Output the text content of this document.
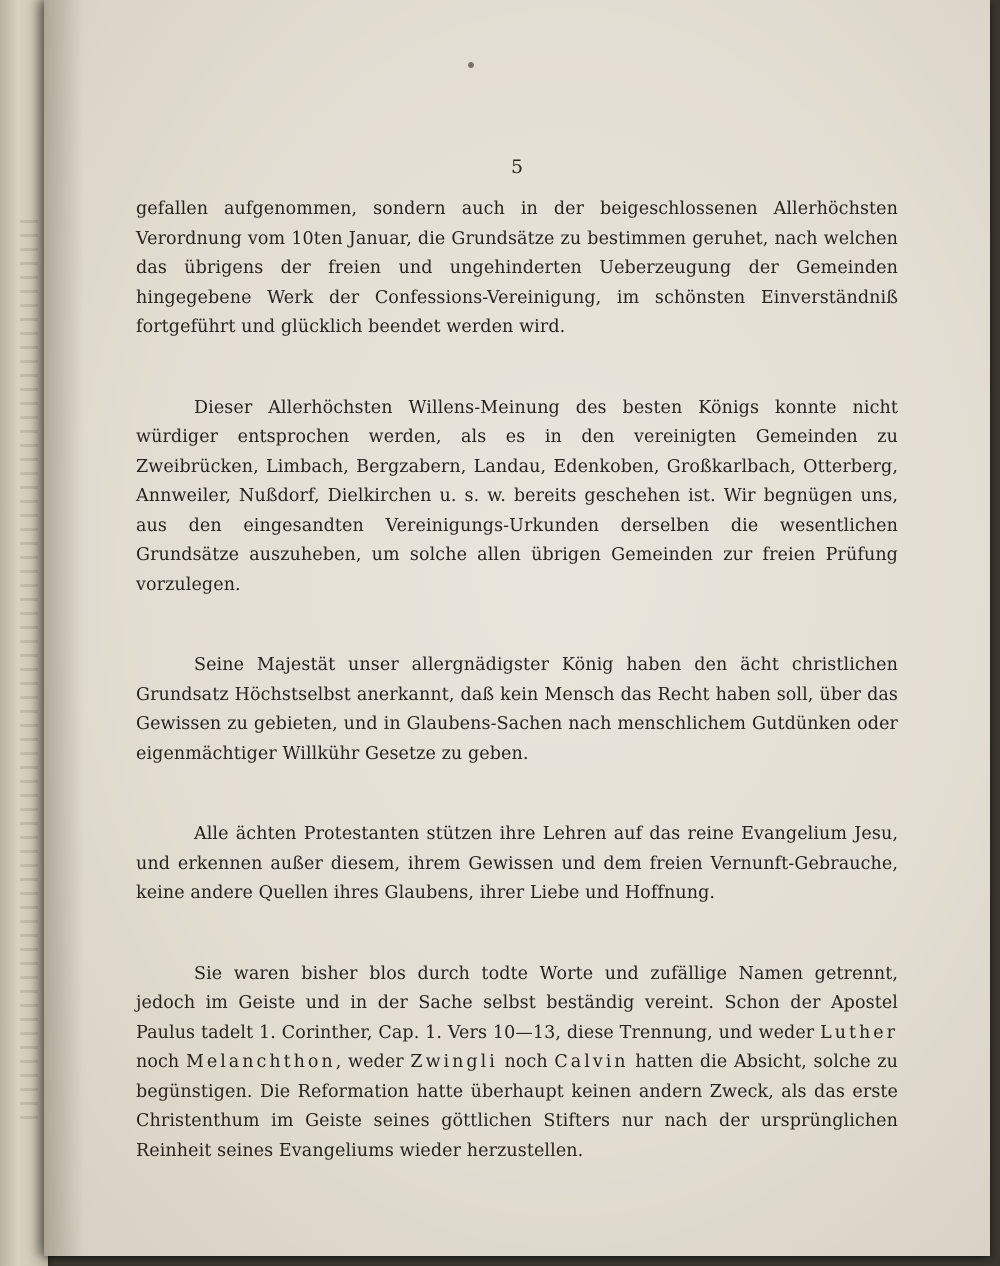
5

gefallen aufgenommen, sondern auch in der beigeschlossenen Allerhöchsten Verordnung vom 10ten Januar, die Grundsätze zu bestimmen geruhet, nach welchen das übrigens der freien und ungehinderten Ueberzeugung der Gemeinden hingegebene Werk der Confessions-Vereinigung, im schönsten Einverständniß fortgeführt und glücklich beendet werden wird.

Dieser Allerhöchsten Willens-Meinung des besten Königs konnte nicht würdiger entsprochen werden, als es in den vereinigten Gemeinden zu Zweibrücken, Limbach, Bergzabern, Landau, Edenkoben, Großkarlbach, Otterberg, Annweiler, Nußdorf, Dielkirchen u. s. w. bereits geschehen ist. Wir begnügen uns, aus den eingesandten Vereinigungs-Urkunden derselben die wesentlichen Grundsätze auszuheben, um solche allen übrigen Gemeinden zur freien Prüfung vorzulegen.

Seine Majestät unser allergnädigster König haben den ächt christlichen Grundsatz Höchstselbst anerkannt, daß kein Mensch das Recht haben soll, über das Gewissen zu gebieten, und in Glaubens-Sachen nach menschlichem Gutdünken oder eigenmächtiger Willkühr Gesetze zu geben.

Alle ächten Protestanten stützen ihre Lehren auf das reine Evangelium Jesu, und erkennen außer diesem, ihrem Gewissen und dem freien Vernunft-Gebrauche, keine andere Quellen ihres Glaubens, ihrer Liebe und Hoffnung.

Sie waren bisher blos durch todte Worte und zufällige Namen getrennt, jedoch im Geiste und in der Sache selbst beständig vereint. Schon der Apostel Paulus tadelt 1. Corinther, Cap. 1. Vers 10—13, diese Trennung, und weder Luther noch Melanchthon, weder Zwingli noch Calvin hatten die Absicht, solche zu begünstigen. Die Reformation hatte überhaupt keinen andern Zweck, als das erste Christenthum im Geiste seines göttlichen Stifters nur nach der ursprünglichen Reinheit seines Evangeliums wieder herzustellen.
